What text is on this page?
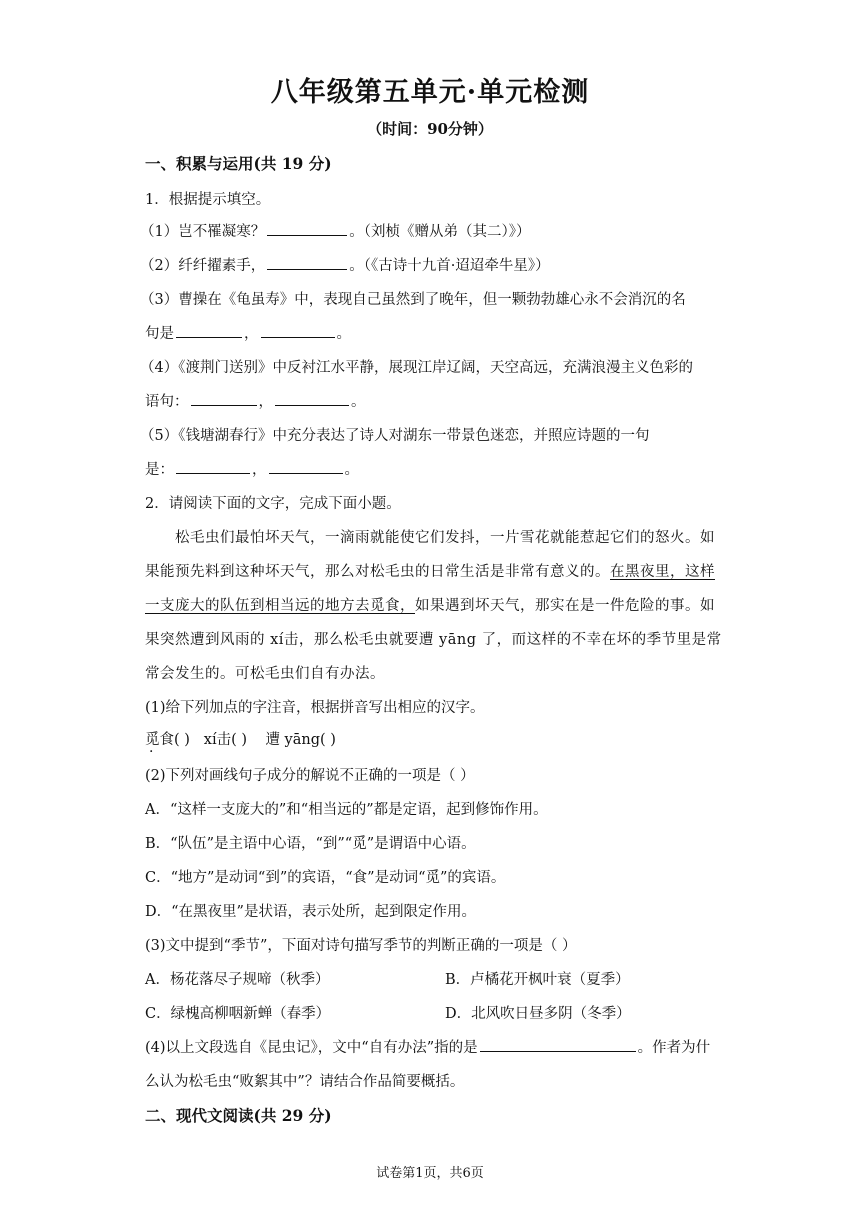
八年级第五单元·单元检测
（时间：90分钟）
一、积累与运用(共 19 分)
1．根据提示填空。
（1）岂不罹凝寒？	。（刘桢《赠从弟（其二）》）
（2）纤纤擢素手，	。（《古诗十九首·迢迢牵牛星》）
（3）曹操在《龟虽寿》中，表现自己虽然到了晚年，但一颗勃勃雄心永不会消沉的名
句是	，	。
（4）《渡荆门送别》中反衬江水平静，展现江岸辽阔，天空高远，充满浪漫主义色彩的
语句：	，	。
（5）《钱塘湖春行》中充分表达了诗人对湖东一带景色迷恋，并照应诗题的一句
是：	，	。
2．请阅读下面的文字，完成下面小题。
松毛虫们最怕坏天气，一滴雨就能使它们发抖，一片雪花就能惹起它们的怒火。如
果能预先料到这种坏天气，那么对松毛虫的日常生活是非常有意义的。在黑夜里，这样
一支庞大的队伍到相当远的地方去觅食，如果遇到坏天气，那实在是一件危险的事。如
果突然遭到风雨的 xí击，那么松毛虫就要遭 yāng 了，而这样的不幸在坏的季节里是常
常会发生的。可松毛虫们自有办法。
(1)给下列加点的字注音，根据拼音写出相应的汉字。
觅食( ) xí击( ) 遭 yāng( )
(2)下列对画线句子成分的解说不正确的一项是（ ）
A．“这样一支庞大的”和“相当远的”都是定语，起到修饰作用。
B．“队伍”是主语中心语，“到”“觅”是谓语中心语。
C．“地方”是动词“到”的宾语，“食”是动词“觅”的宾语。
D．“在黑夜里”是状语，表示处所，起到限定作用。
(3)文中提到“季节”，下面对诗句描写季节的判断正确的一项是（ ）
A．杨花落尽子规啼（秋季）	B．卢橘花开枫叶衰（夏季）
C．绿槐高柳咽新蝉（春季）	D．北风吹日昼多阴（冬季）
(4)以上文段选自《昆虫记》，文中“自有办法”指的是	。作者为什
么认为松毛虫“败絮其中”？请结合作品简要概括。
二、现代文阅读(共 29 分)
试卷第1页，共6页
